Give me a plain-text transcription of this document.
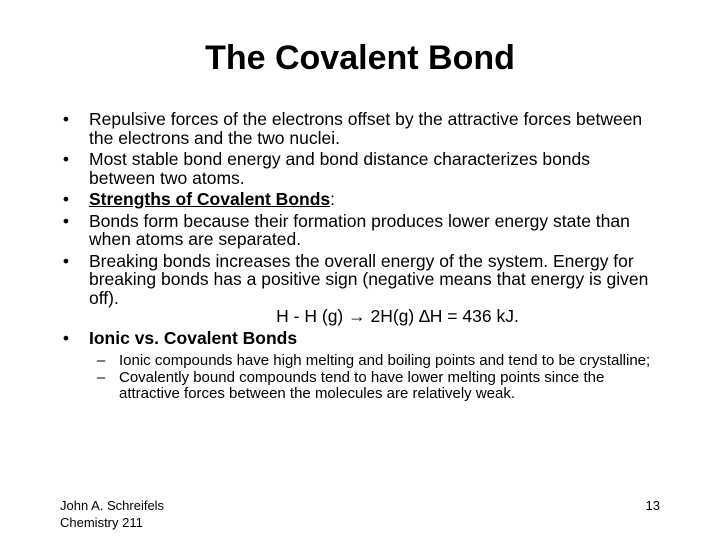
The Covalent Bond
•	Repulsive forces of the electrons offset by the attractive forces between the electrons and the two nuclei.
•	Most stable bond energy and bond distance characterizes bonds between two atoms.
•	Strengths of Covalent Bonds:
•	Bonds form because their formation produces lower energy state than when atoms are separated.
•	Breaking bonds increases the overall energy of the system. Energy for breaking bonds has a positive sign (negative means that energy is given off).
H - H (g) → 2H(g) ∆H = 436 kJ.
•	Ionic vs. Covalent Bonds
– Ionic compounds have high melting and boiling points and tend to be crystalline;
– Covalently bound compounds tend to have lower melting points since the attractive forces between the molecules are relatively weak.
John A. Schreifels
Chemistry 211
13
